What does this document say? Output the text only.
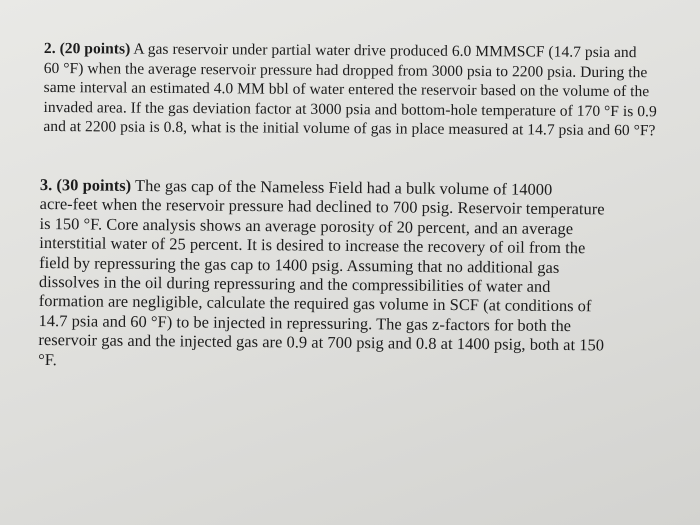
2. (20 points) A gas reservoir under partial water drive produced 6.0 MMMSCF (14.7 psia and
60 °F) when the average reservoir pressure had dropped from 3000 psia to 2200 psia. During the
same interval an estimated 4.0 MM bbl of water entered the reservoir based on the volume of the
invaded area. If the gas deviation factor at 3000 psia and bottom-hole temperature of 170 °F is 0.9
and at 2200 psia is 0.8, what is the initial volume of gas in place measured at 14.7 psia and 60 °F?
3. (30 points) The gas cap of the Nameless Field had a bulk volume of 14000
acre-feet when the reservoir pressure had declined to 700 psig. Reservoir temperature
is 150 °F. Core analysis shows an average porosity of 20 percent, and an average
interstitial water of 25 percent. It is desired to increase the recovery of oil from the
field by repressuring the gas cap to 1400 psig. Assuming that no additional gas
dissolves in the oil during repressuring and the compressibilities of water and
formation are negligible, calculate the required gas volume in SCF (at conditions of
14.7 psia and 60 °F) to be injected in repressuring. The gas z-factors for both the
reservoir gas and the injected gas are 0.9 at 700 psig and 0.8 at 1400 psig, both at 150
°F.
